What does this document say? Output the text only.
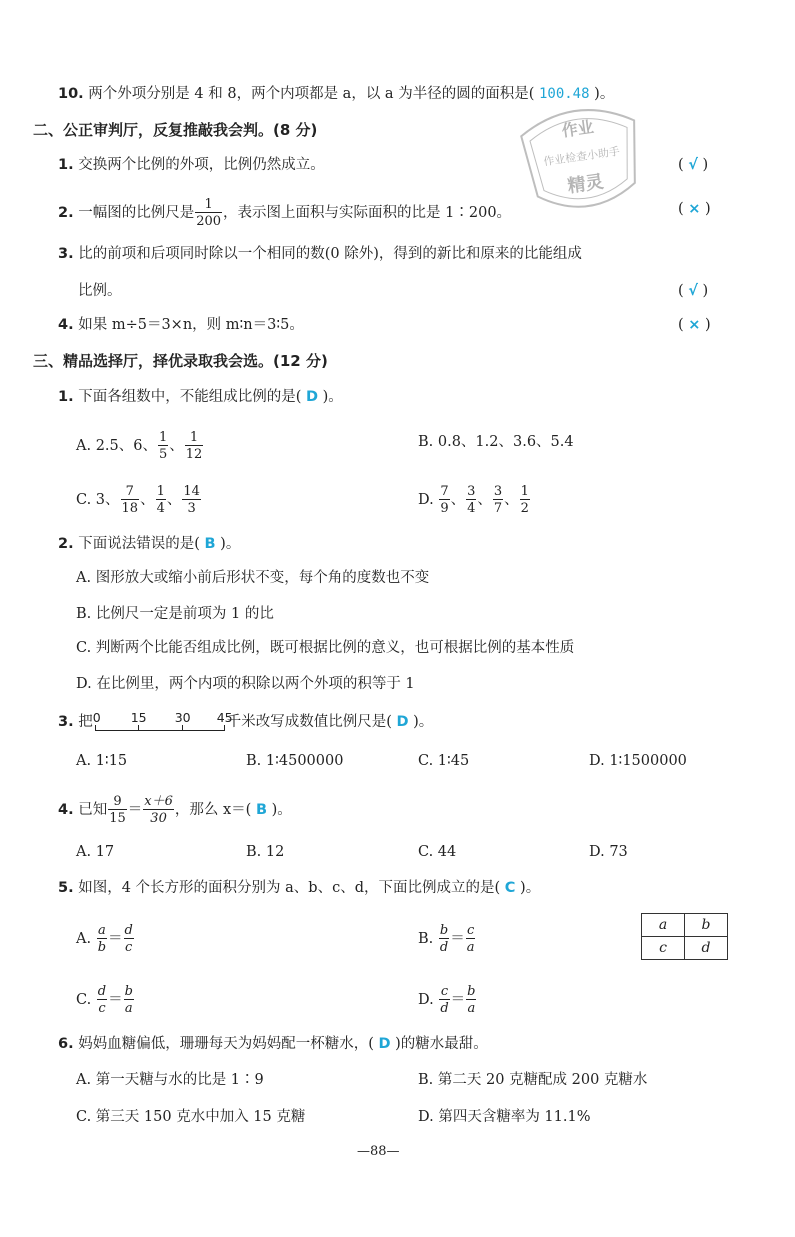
10. 两个外项分别是 4 和 8，两个内项都是 a，以 a 为半径的圆的面积是( 100.48 )。
二、公正审判厅，反复推敲我会判。(8 分)
1. 交换两个比例的外项，比例仍然成立。	( √ )
2. 一幅图的比例尺是 $\frac{1}{200}$ ，表示图上面积与实际面积的比是 1∶200。	( × )
3. 比的前项和后项同时除以一个相同的数(0 除外)，得到的新比和原来的比能组成
比例。	( √ )
4. 如果 m÷5＝3×n，则 m∶n＝3∶5。	( × )
三、精品选择厅，择优录取我会选。(12 分)
1. 下面各组数中，不能组成比例的是( D )。
A. 2.5、6、 $\frac{1}{5}$ 、 $\frac{1}{12}$	B. 0.8、1.2、3.6、5.4
C. 3、 $\frac{7}{18}$ 、 $\frac{1}{4}$ 、 $\frac{14}{3}$	D. $\frac{7}{9}$ 、 $\frac{3}{4}$ 、 $\frac{3}{7}$ 、 $\frac{1}{2}$
2. 下面说法错误的是( B )。
A. 图形放大或缩小前后形状不变，每个角的度数也不变
B. 比例尺一定是前项为 1 的比
C. 判断两个比能否组成比例，既可根据比例的意义，也可根据比例的基本性质
D. 在比例里，两个内项的积除以两个外项的积等于 1
3. 把 0 15 30 45
千米改写成数值比例尺是( D )。
A. 1∶15	B. 1∶4500000	C. 1∶45	D. 1∶1500000
4. 已知 $\frac{9}{15} = \frac{x+6}{30}$ ，那么 x＝( B )。
A. 17	B. 12	C. 44	D. 73
5. 如图，4 个长方形的面积分别为 a、b、c、d，下面比例成立的是( C )。
a	b
c	d
A. $\frac{a}{b} = \frac{d}{c}$	B. $\frac{b}{d} = \frac{c}{a}$
C. $\frac{d}{c} = \frac{b}{a}$	D. $\frac{c}{d} = \frac{b}{a}$
6. 妈妈血糖偏低，珊珊每天为妈妈配一杯糖水，( D )的糖水最甜。
A. 第一天糖与水的比是 1∶9	B. 第二天 20 克糖配成 200 克糖水
C. 第三天 150 克水中加入 15 克糖	D. 第四天含糖率为 11.1%
—88—
作业
作业检查小助手
精灵
